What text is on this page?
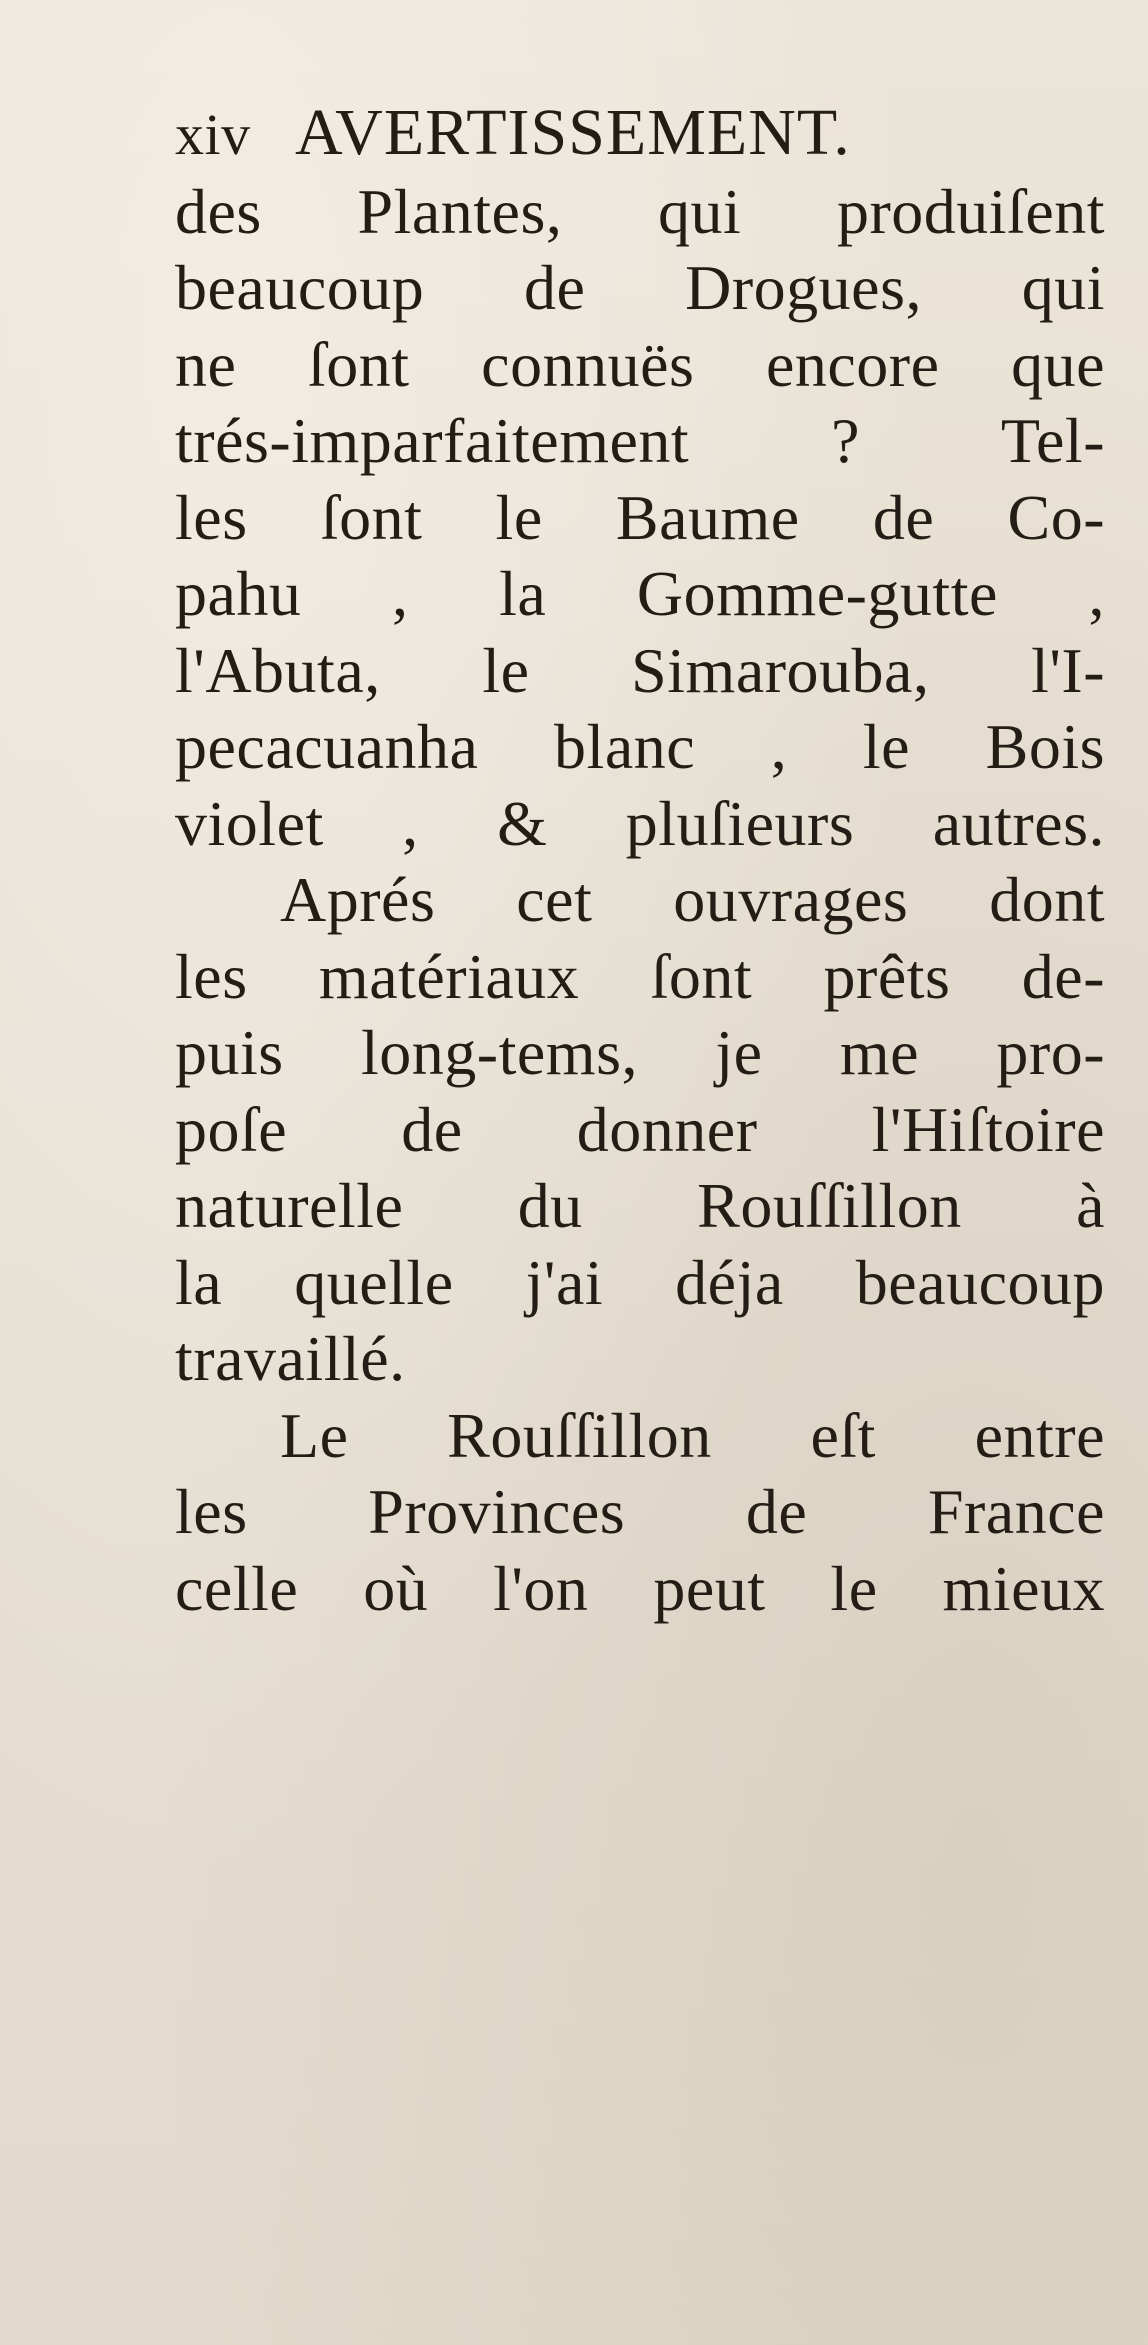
xiv AVERTISSEMENT.
des Plantes, qui produiſent
beaucoup de Drogues, qui
ne ſont connuës encore que
trés-imparfaitement ? Tel-
les ſont le Baume de Co-
pahu , la Gomme-gutte ,
l'Abuta, le Simarouba, l'I-
pecacuanha blanc , le Bois
violet , & pluſieurs autres.
Aprés cet ouvrages dont
les matériaux ſont prêts de-
puis long-tems, je me pro-
poſe de donner l'Hiſtoire
naturelle du Rouſſillon à
la quelle j'ai déja beaucoup
travaillé.
Le Rouſſillon eſt entre
les Provinces de France
celle où l'on peut le mieux
